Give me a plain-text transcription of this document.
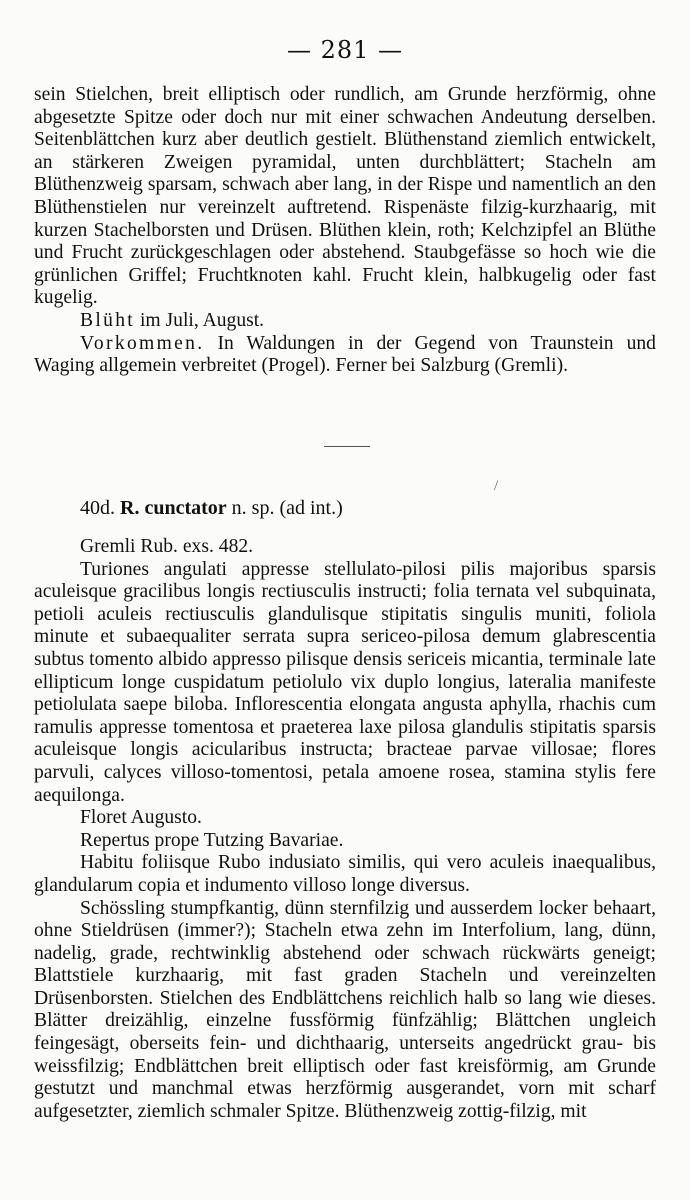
— 281 —

sein Stielchen, breit elliptisch oder rundlich, am Grunde herzförmig, ohne abgesetzte Spitze oder doch nur mit einer schwachen Andeutung derselben. Seitenblättchen kurz aber deutlich gestielt. Blüthenstand ziemlich entwickelt, an stärkeren Zweigen pyramidal, unten durchblättert; Stacheln am Blüthenzweig sparsam, schwach aber lang, in der Rispe und namentlich an den Blüthenstielen nur vereinzelt auftretend. Rispenäste filzig-kurzhaarig, mit kurzen Stachelborsten und Drüsen. Blüthen klein, roth; Kelchzipfel an Blüthe und Frucht zurückgeschlagen oder abstehend. Staubgefässe so hoch wie die grünlichen Griffel; Fruchtknoten kahl. Frucht klein, halbkugelig oder fast kugelig.

Blüht im Juli, August.

Vorkommen. In Waldungen in der Gegend von Traunstein und Waging allgemein verbreitet (Progel). Ferner bei Salzburg (Gremli).

/
40d. R. cunctator n. sp. (ad int.)

Gremli Rub. exs. 482.

Turiones angulati appresse stellulato-pilosi pilis majoribus sparsis aculeisque gracilibus longis rectiusculis instructi; folia ternata vel subquinata, petioli aculeis rectiusculis glandulisque stipitatis singulis muniti, foliola minute et subaequaliter serrata supra sericeo-pilosa demum glabrescentia subtus tomento albido appresso pilisque densis sericeis micantia, terminale late ellipticum longe cuspidatum petiolulo vix duplo longius, lateralia manifeste petiolulata saepe biloba. Inflorescentia elongata angusta aphylla, rhachis cum ramulis appresse tomentosa et praeterea laxe pilosa glandulis stipitatis sparsis aculeisque longis acicularibus instructa; bracteae parvae villosae; flores parvuli, calyces villoso-tomentosi, petala amoene rosea, stamina stylis fere aequilonga.

Floret Augusto.

Repertus prope Tutzing Bavariae.

Habitu foliisque Rubo indusiato similis, qui vero aculeis inaequalibus, glandularum copia et indumento villoso longe diversus.

Schössling stumpfkantig, dünn sternfilzig und ausserdem locker behaart, ohne Stieldrüsen (immer?); Stacheln etwa zehn im Interfolium, lang, dünn, nadelig, grade, rechtwinklig abstehend oder schwach rückwärts geneigt; Blattstiele kurzhaarig, mit fast graden Stacheln und vereinzelten Drüsenborsten. Stielchen des Endblättchens reichlich halb so lang wie dieses. Blätter dreizählig, einzelne fussförmig fünfzählig; Blättchen ungleich feingesägt, oberseits fein- und dichthaarig, unterseits angedrückt grau- bis weissfilzig; Endblättchen breit elliptisch oder fast kreisförmig, am Grunde gestutzt und manchmal etwas herzförmig ausgerandet, vorn mit scharf aufgesetzter, ziemlich schmaler Spitze. Blüthenzweig zottig-filzig, mit
